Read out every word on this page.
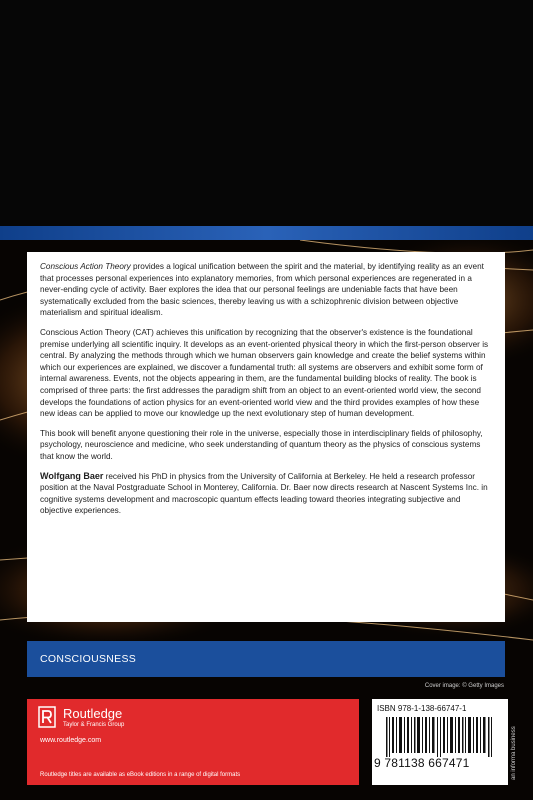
Conscious Action Theory provides a logical unification between the spirit and the material, by identifying reality as an event that processes personal experiences into explanatory memories, from which personal experiences are regenerated in a never-ending cycle of activity. Baer explores the idea that our personal feelings are undeniable facts that have been systematically excluded from the basic sciences, thereby leaving us with a schizophrenic division between objective materialism and spiritual idealism.

Conscious Action Theory (CAT) achieves this unification by recognizing that the observer's existence is the foundational premise underlying all scientific inquiry. It develops as an event-oriented physical theory in which the first-person observer is central. By analyzing the methods through which we human observers gain knowledge and create the belief systems within which our experiences are explained, we discover a fundamental truth: all systems are observers and exhibit some form of internal awareness. Events, not the objects appearing in them, are the fundamental building blocks of reality. The book is comprised of three parts: the first addresses the paradigm shift from an object to an event-oriented world view, the second develops the foundations of action physics for an event-oriented world view and the third provides examples of how these new ideas can be applied to move our knowledge up the next evolutionary step of human development.

This book will benefit anyone questioning their role in the universe, especially those in interdisciplinary fields of philosophy, psychology, neuroscience and medicine, who seek understanding of quantum theory as the physics of conscious systems that know the world.

Wolfgang Baer received his PhD in physics from the University of California at Berkeley. He held a research professor position at the Naval Postgraduate School in Monterey, California. Dr. Baer now directs research at Nascent Systems Inc. in cognitive systems development and macroscopic quantum effects leading toward theories integrating subjective and objective experiences.

CONSCIOUSNESS
Cover image: © Getty Images
Routledge
Taylor & Francis Group
www.routledge.com
Routledge titles are available as eBook editions in a range of digital formats
ISBN 978-1-138-66747-1
9 781138 667471	an informa business
